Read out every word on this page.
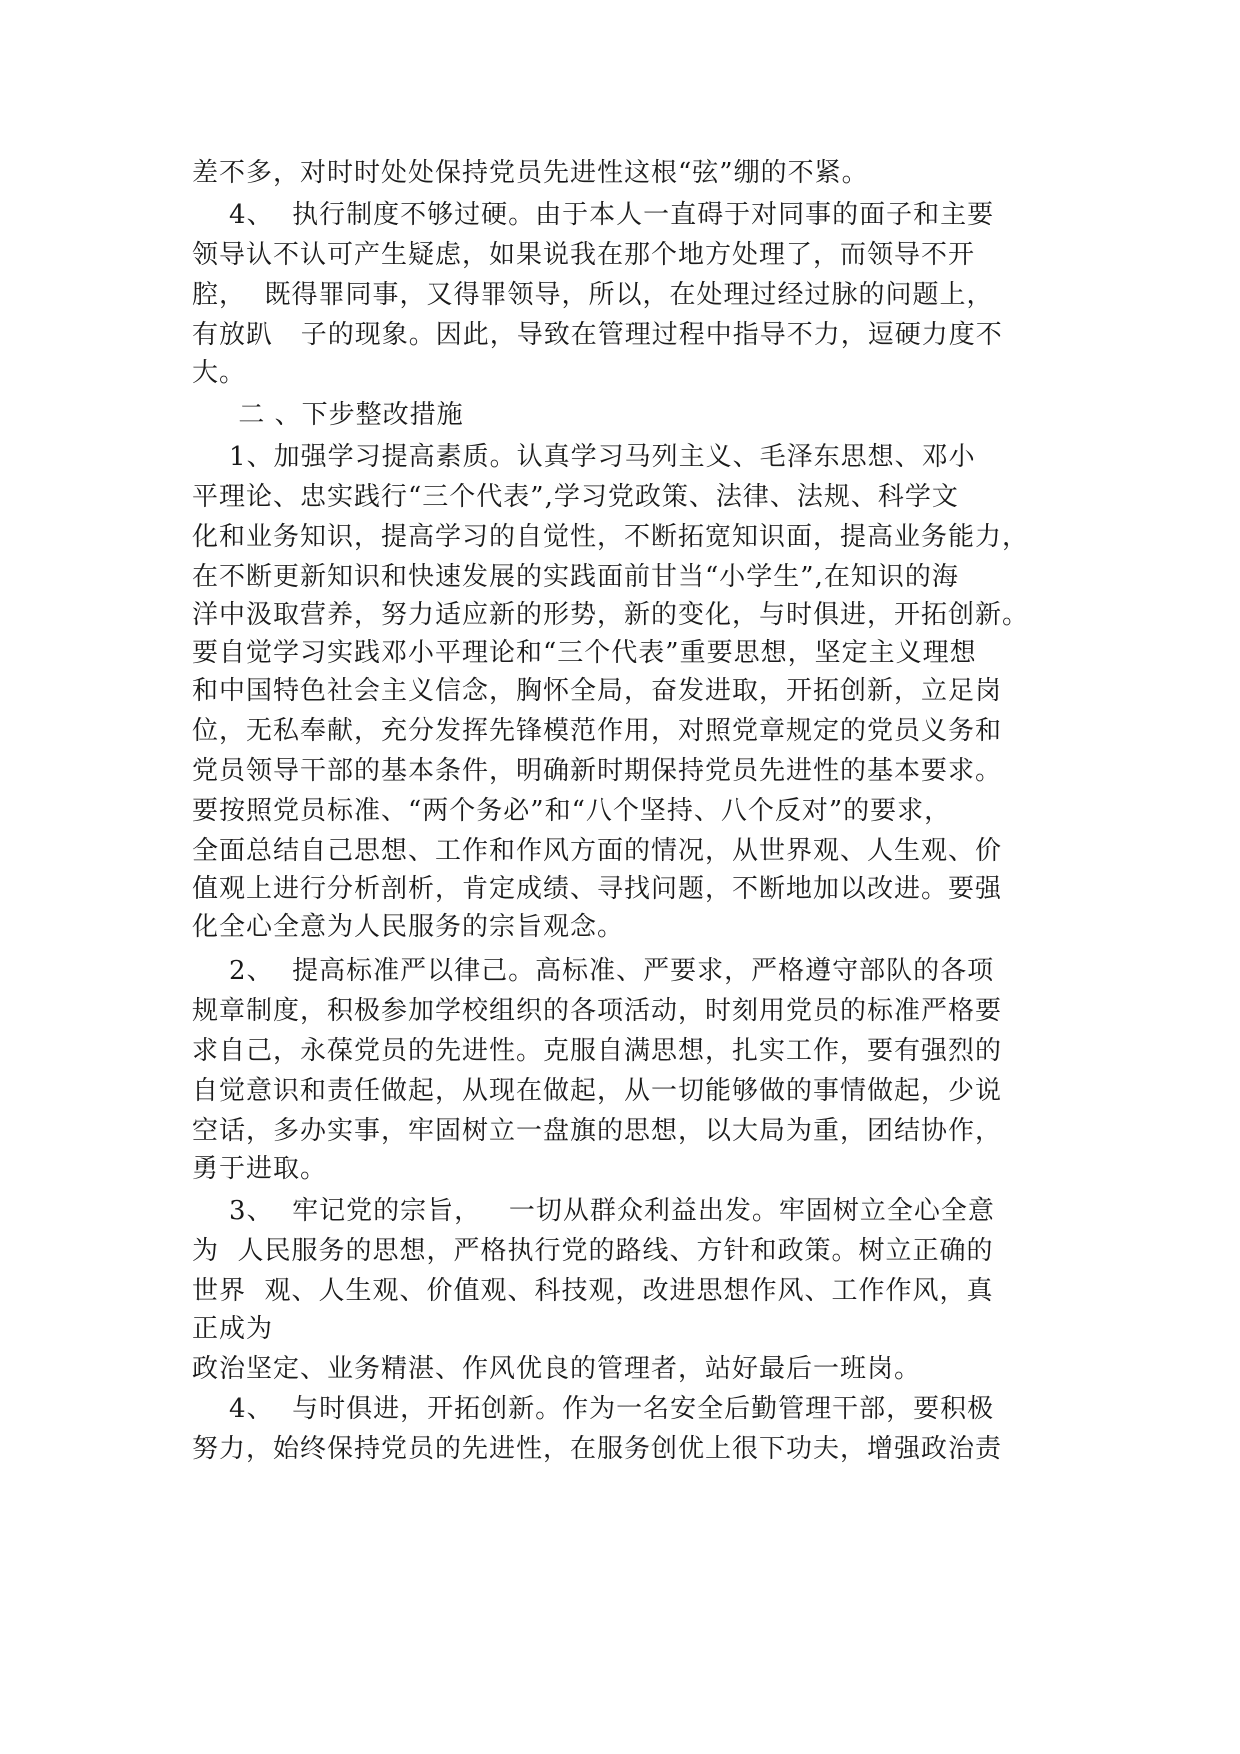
差不多，对时时处处保持党员先进性这根“弦”绷的不紧。

4、  执行制度不够过硬。由于本人一直碍于对同事的面子和主要

领导认不认可产生疑虑，如果说我在那个地方处理了，而领导不开

腔，  既得罪同事，又得罪领导，所以，在处理过经过脉的问题上，

有放趴   子的现象。因此，导致在管理过程中指导不力，逗硬力度不

大。

二 、下步整改措施

1、加强学习提高素质。认真学习马列主义、毛泽东思想、邓小

平理论、忠实践行“三个代表”,学习党政策、法律、法规、科学文

化和业务知识，提高学习的自觉性，不断拓宽知识面，提高业务能力，

在不断更新知识和快速发展的实践面前甘当“小学生”,在知识的海

洋中汲取营养，努力适应新的形势，新的变化，与时俱进，开拓创新。

要自觉学习实践邓小平理论和“三个代表”重要思想，坚定主义理想

和中国特色社会主义信念，胸怀全局，奋发进取，开拓创新，立足岗

位，无私奉献，充分发挥先锋模范作用，对照党章规定的党员义务和

党员领导干部的基本条件，明确新时期保持党员先进性的基本要求。

要按照党员标准、“两个务必”和“八个坚持、八个反对”的要求，

全面总结自己思想、工作和作风方面的情况，从世界观、人生观、价

值观上进行分析剖析，肯定成绩、寻找问题，不断地加以改进。要强

化全心全意为人民服务的宗旨观念。

2、  提高标准严以律己。高标准、严要求，严格遵守部队的各项

规章制度，积极参加学校组织的各项活动，时刻用党员的标准严格要

求自己，永葆党员的先进性。克服自满思想，扎实工作，要有强烈的

自觉意识和责任做起，从现在做起，从一切能够做的事情做起，少说

空话，多办实事，牢固树立一盘旗的思想，以大局为重，团结协作，

勇于进取。

3、  牢记党的宗旨，   一切从群众利益出发。牢固树立全心全意

为  人民服务的思想，严格执行党的路线、方针和政策。树立正确的

世界  观、人生观、价值观、科技观，改进思想作风、工作作风，真

正成为

政治坚定、业务精湛、作风优良的管理者，站好最后一班岗。

4、  与时俱进，开拓创新。作为一名安全后勤管理干部，要积极

努力，始终保持党员的先进性，在服务创优上很下功夫，增强政治责
